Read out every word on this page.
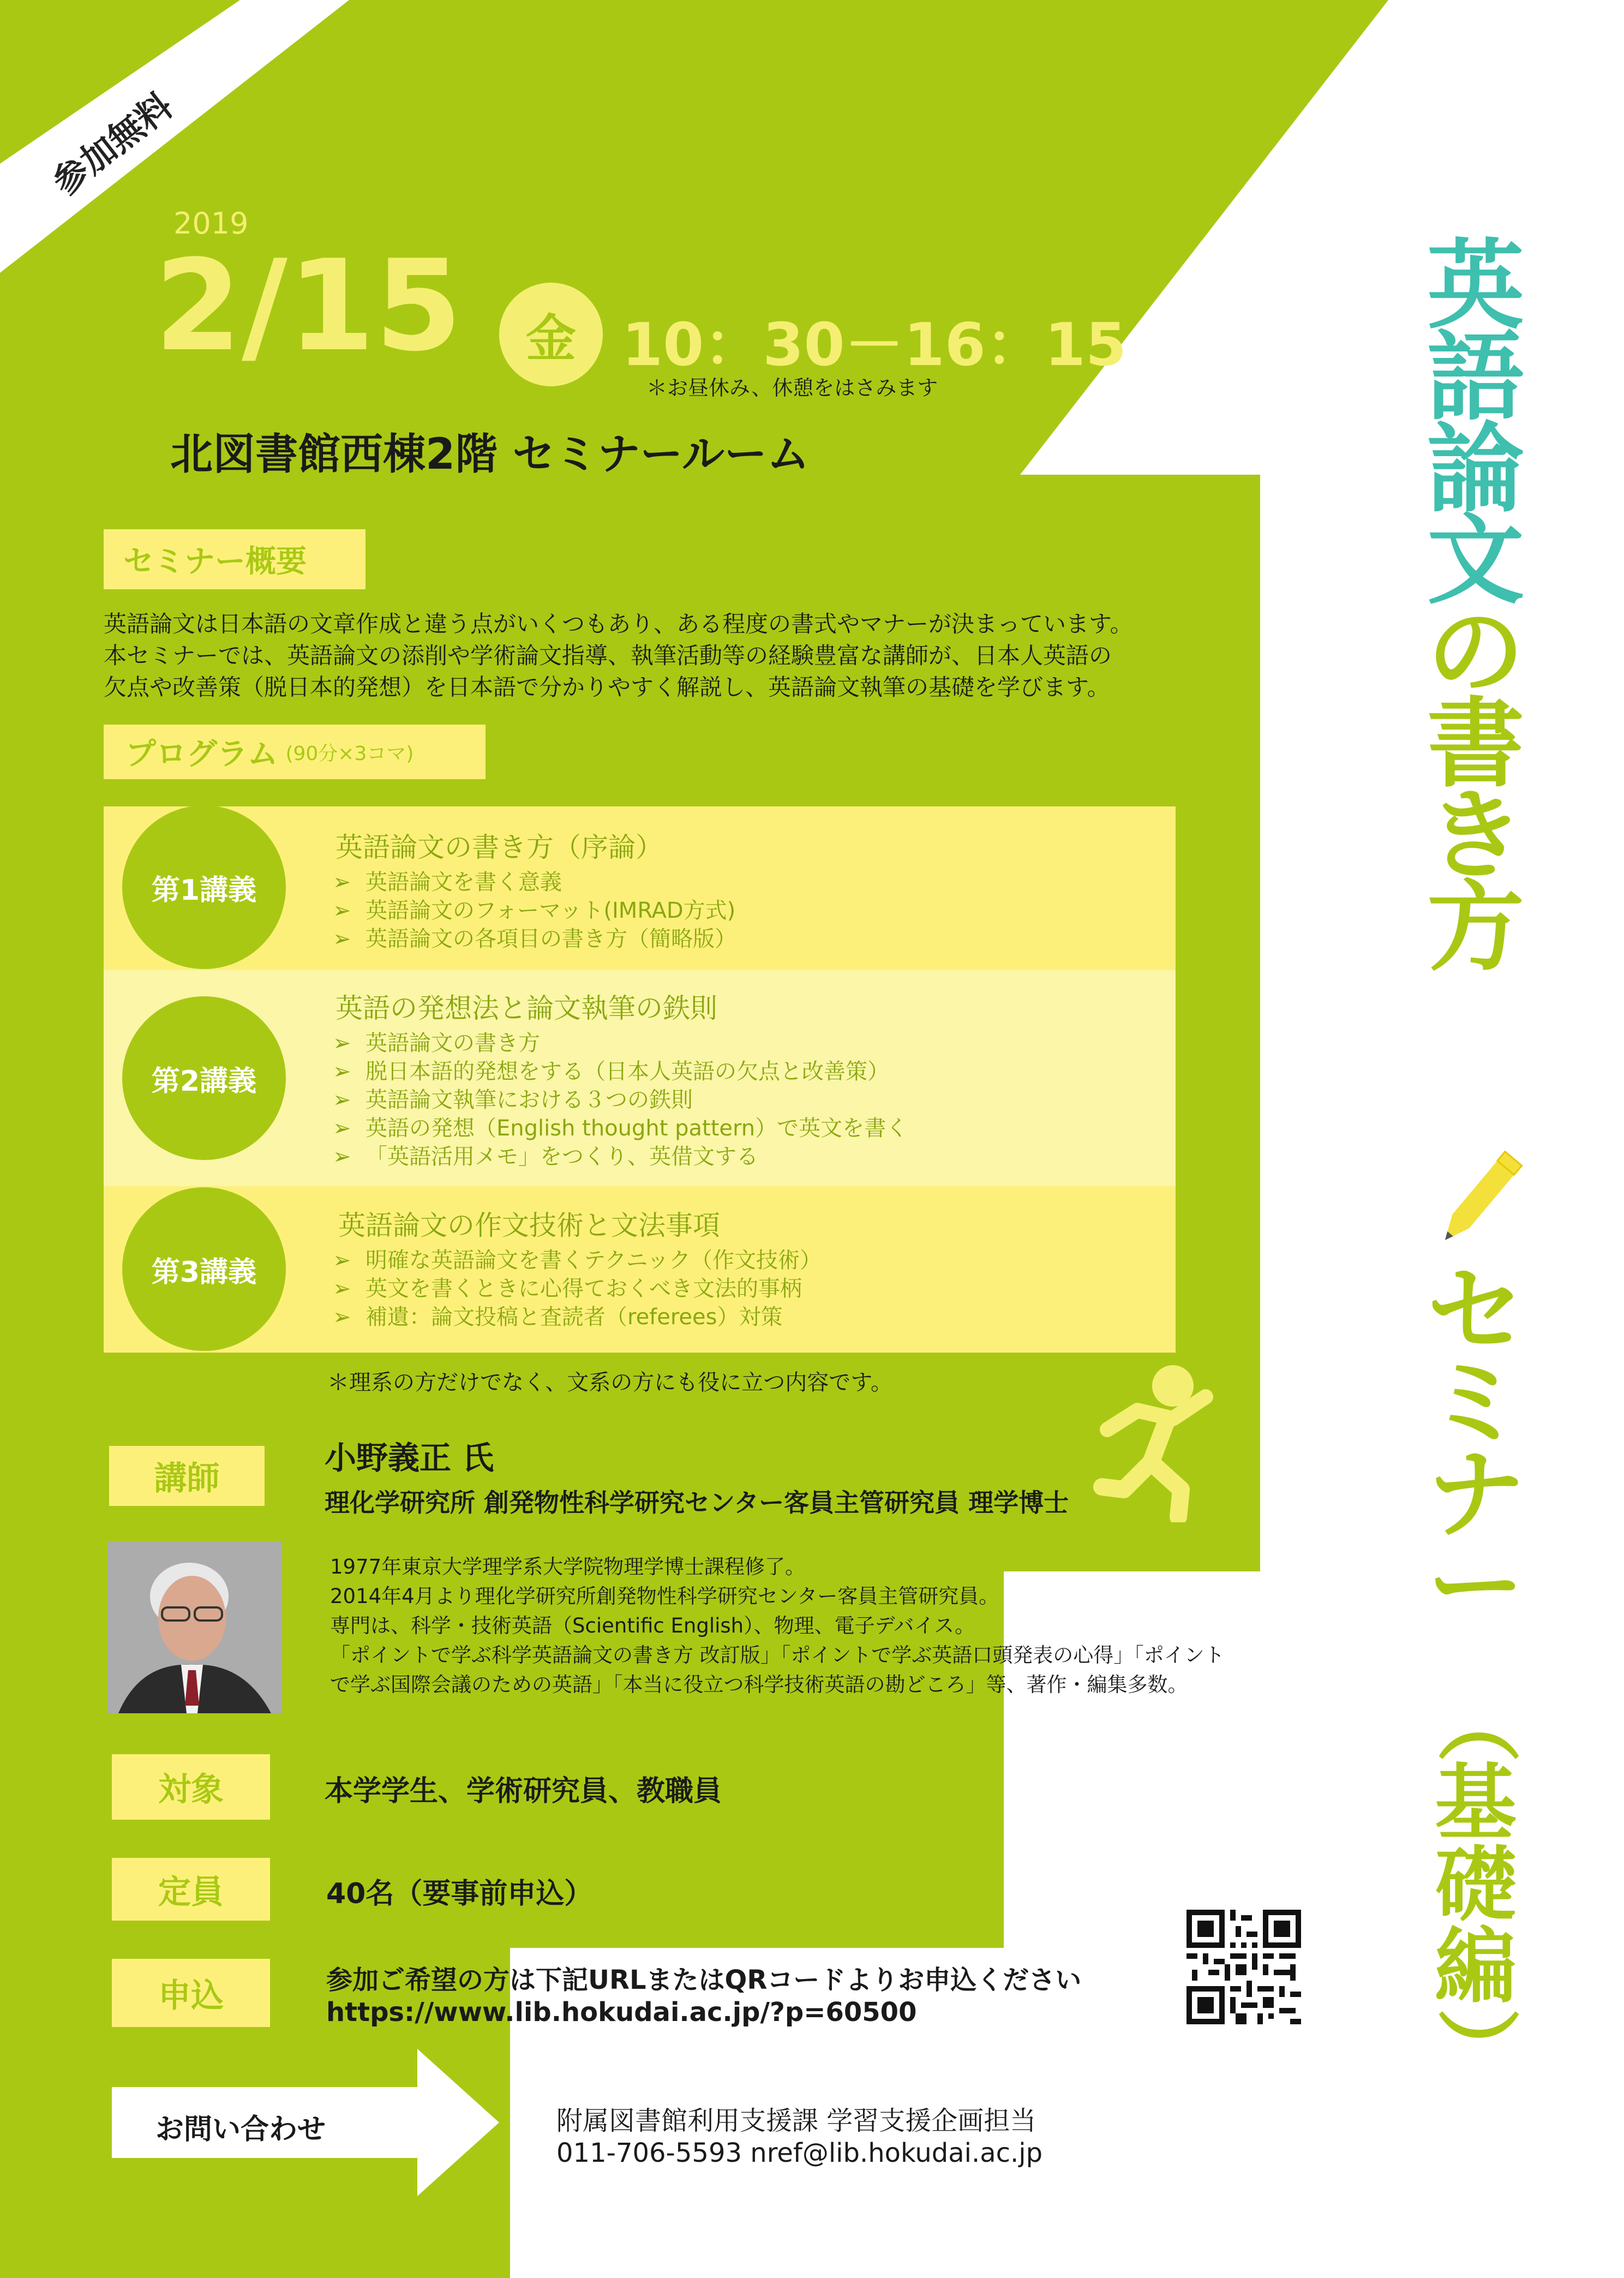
参加無料
2019
2/15 金 10：30－16：15
＊お昼休み、休憩をはさみます
北図書館西棟2階 セミナールーム
英
語
論
文
の
書
き
方
セ
ミ
ナ
ー
（
基
礎
編
）
セミナー概要
英語論文は日本語の文章作成と違う点がいくつもあり、ある程度の書式やマナーが決まっています。
本セミナーでは、英語論文の添削や学術論文指導、執筆活動等の経験豊富な講師が、日本人英語の
欠点や改善策（脱日本的発想）を日本語で分かりやすく解説し、英語論文執筆の基礎を学びます。
プログラム (90分×3コマ)
第1講義
英語論文の書き方（序論）
➢ 英語論文を書く意義
➢ 英語論文のフォーマット(IMRAD方式)
➢ 英語論文の各項目の書き方（簡略版）
第2講義
英語の発想法と論文執筆の鉄則
➢ 英語論文の書き方
➢ 脱日本語的発想をする（日本人英語の欠点と改善策）
➢ 英語論文執筆における３つの鉄則
➢ 英語の発想（English thought pattern）で英文を書く
➢ 「英語活用メモ」をつくり、英借文する
第3講義
英語論文の作文技術と文法事項
➢ 明確な英語論文を書くテクニック（作文技術）
➢ 英文を書くときに心得ておくべき文法的事柄
➢ 補遺：論文投稿と査読者（referees）対策
＊理系の方だけでなく、文系の方にも役に立つ内容です。
講師
小野義正 氏
理化学研究所 創発物性科学研究センター客員主管研究員 理学博士
1977年東京大学理学系大学院物理学博士課程修了。
2014年4月より理化学研究所創発物性科学研究センター客員主管研究員。
専門は、科学・技術英語（Scientific English）、物理、電子デバイス。
「ポイントで学ぶ科学英語論文の書き方 改訂版」「ポイントで学ぶ英語口頭発表の心得」「ポイント
で学ぶ国際会議のための英語」「本当に役立つ科学技術英語の勘どころ」等、著作・編集多数。
対象	本学学生、学術研究員、教職員
定員	40名（要事前申込）
申込	参加ご希望の方は下記URLまたはQRコードよりお申込ください
https://www.lib.hokudai.ac.jp/?p=60500
お問い合わせ	附属図書館利用支援課 学習支援企画担当
011-706-5593 nref@lib.hokudai.ac.jp
